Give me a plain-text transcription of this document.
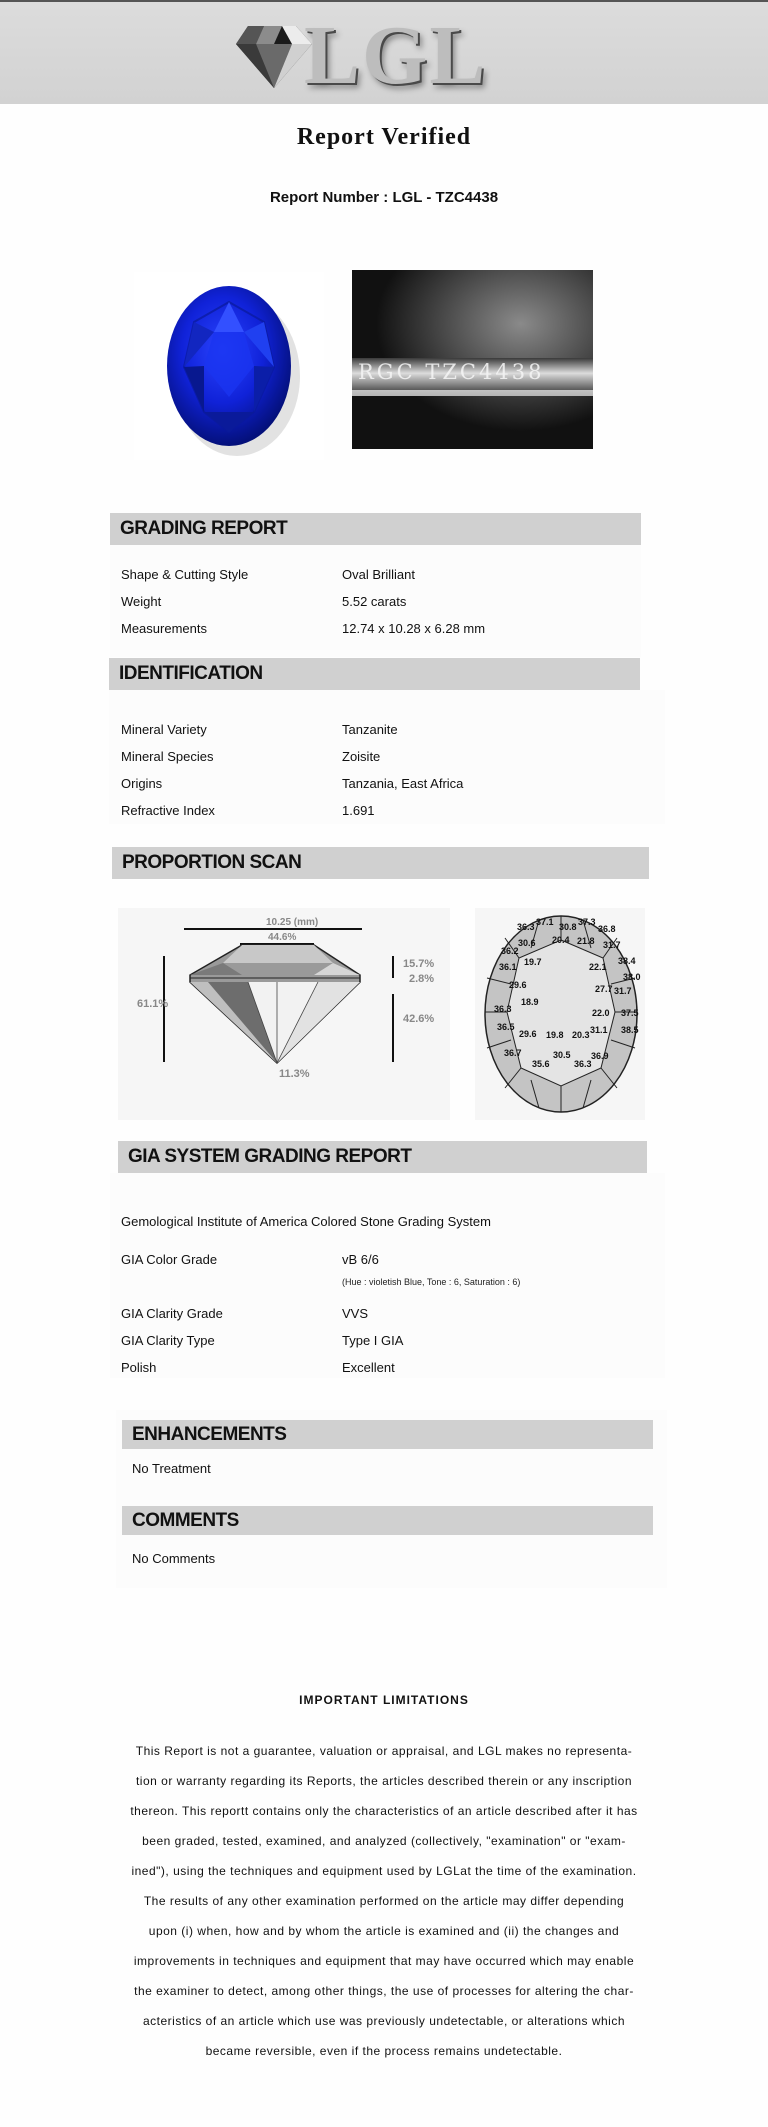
LGL
Report Verified
Report Number : LGL - TZC4438
RGC TZC4438
GRADING REPORT
Shape & Cutting Style	Oval Brilliant
Weight	5.52 carats
Measurements	12.74 x 10.28 x 6.28 mm
IDENTIFICATION
Mineral Variety	Tanzanite
Mineral Species	Zoisite
Origins	Tanzania, East Africa
Refractive Index	1.691
PROPORTION SCAN
10.25 (mm)
44.6%
61.1%
15.7%
2.8%
42.6%
11.3%
36.3 37.1	37.3
30.6
30.8 36.8
36.2
20.4 21.8 31.7
36.1 19.7	38.4
22.1
38.0
29.6	27.7 31.7
18.9
36.3	22.0 37.5
38.5
31.1
29.6 19.8 20.3
36.5
36.7	30.5 36.9
35.6	36.3
GIA SYSTEM GRADING REPORT
Gemological Institute of America Colored Stone Grading System
GIA Color Grade	vB 6/6
(Hue : violetish Blue, Tone : 6, Saturation : 6)
GIA Clarity Grade	VVS
GIA Clarity Type	Type I GIA
Polish	Excellent
ENHANCEMENTS
No Treatment
COMMENTS
No Comments
IMPORTANT LIMITATIONS
This Report is not a guarantee, valuation or appraisal, and LGL makes no representa-
tion or warranty regarding its Reports, the articles described therein or any inscription
thereon. This reportt contains only the characteristics of an article described after it has
been graded, tested, examined, and analyzed (collectively, "examination" or "exam-
ined"), using the techniques and equipment used by LGLat the time of the examination.
The results of any other examination performed on the article may differ depending
upon (i) when, how and by whom the article is examined and (ii) the changes and
improvements in techniques and equipment that may have occurred which may enable
the examiner to detect, among other things, the use of processes for altering the char-
acteristics of an article which use was previously undetectable, or alterations which
became reversible, even if the process remains undetectable.
